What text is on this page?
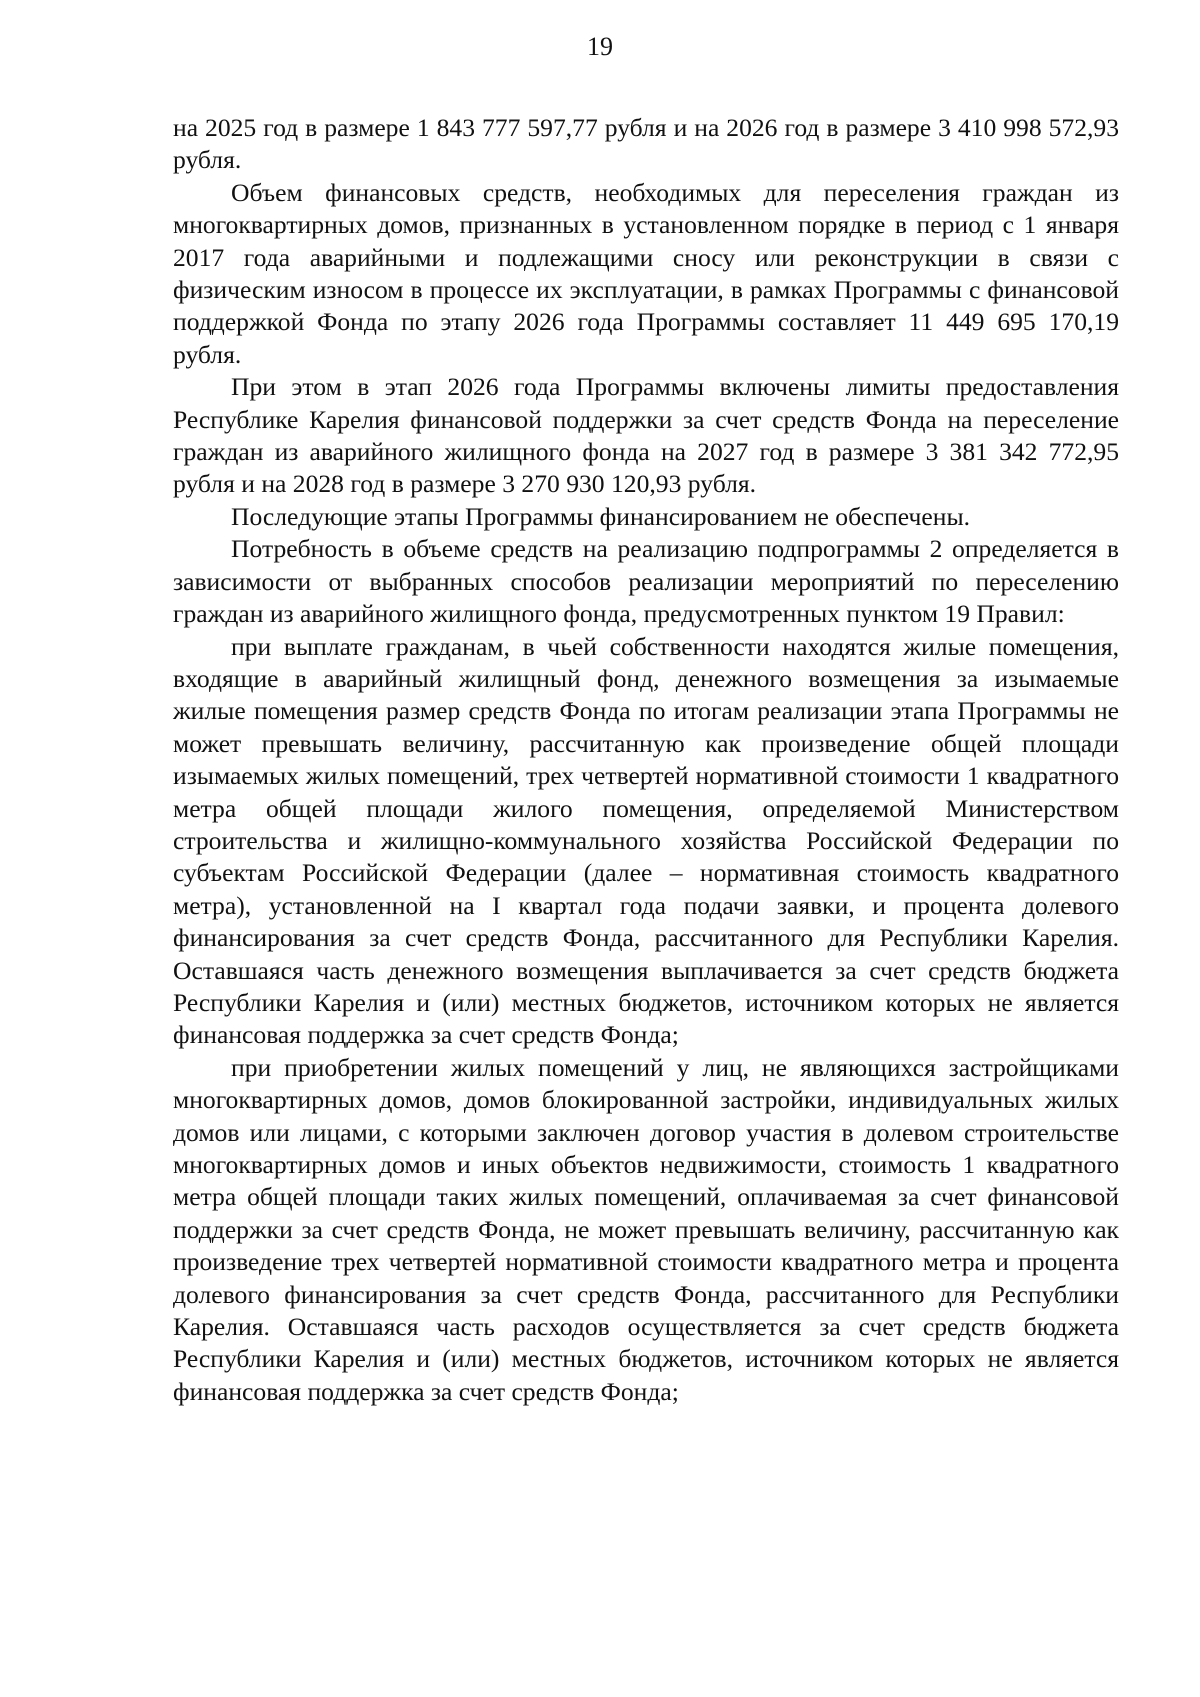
19

на 2025 год в размере 1 843 777 597,77 рубля и на 2026 год в размере 3 410 998 572,93 рубля.

Объем финансовых средств, необходимых для переселения граждан из многоквартирных домов, признанных в установленном порядке в период с 1 января 2017 года аварийными и подлежащими сносу или реконструкции в связи с физическим износом в процессе их эксплуатации, в рамках Программы с финансовой поддержкой Фонда по этапу 2026 года Программы составляет 11 449 695 170,19 рубля.

При этом в этап 2026 года Программы включены лимиты предоставления Республике Карелия финансовой поддержки за счет средств Фонда на переселение граждан из аварийного жилищного фонда на 2027 год в размере 3 381 342 772,95 рубля и на 2028 год в размере 3 270 930 120,93 рубля.

Последующие этапы Программы финансированием не обеспечены.

Потребность в объеме средств на реализацию подпрограммы 2 определяется в зависимости от выбранных способов реализации мероприятий по переселению граждан из аварийного жилищного фонда, предусмотренных пунктом 19 Правил:

при выплате гражданам, в чьей собственности находятся жилые помещения, входящие в аварийный жилищный фонд, денежного возмещения за изымаемые жилые помещения размер средств Фонда по итогам реализации этапа Программы не может превышать величину, рассчитанную как произведение общей площади изымаемых жилых помещений, трех четвертей нормативной стоимости 1 квадратного метра общей площади жилого помещения, определяемой Министерством строительства и жилищно-коммунального хозяйства Российской Федерации по субъектам Российской Федерации (далее – нормативная стоимость квадратного метра), установленной на I квартал года подачи заявки, и процента долевого финансирования за счет средств Фонда, рассчитанного для Республики Карелия. Оставшаяся часть денежного возмещения выплачивается за счет средств бюджета Республики Карелия и (или) местных бюджетов, источником которых не является финансовая поддержка за счет средств Фонда;

при приобретении жилых помещений у лиц, не являющихся застройщиками многоквартирных домов, домов блокированной застройки, индивидуальных жилых домов или лицами, с которыми заключен договор участия в долевом строительстве многоквартирных домов и иных объектов недвижимости, стоимость 1 квадратного метра общей площади таких жилых помещений, оплачиваемая за счет финансовой поддержки за счет средств Фонда, не может превышать величину, рассчитанную как произведение трех четвертей нормативной стоимости квадратного метра и процента долевого финансирования за счет средств Фонда, рассчитанного для Республики Карелия. Оставшаяся часть расходов осуществляется за счет средств бюджета Республики Карелия и (или) местных бюджетов, источником которых не является финансовая поддержка за счет средств Фонда;
